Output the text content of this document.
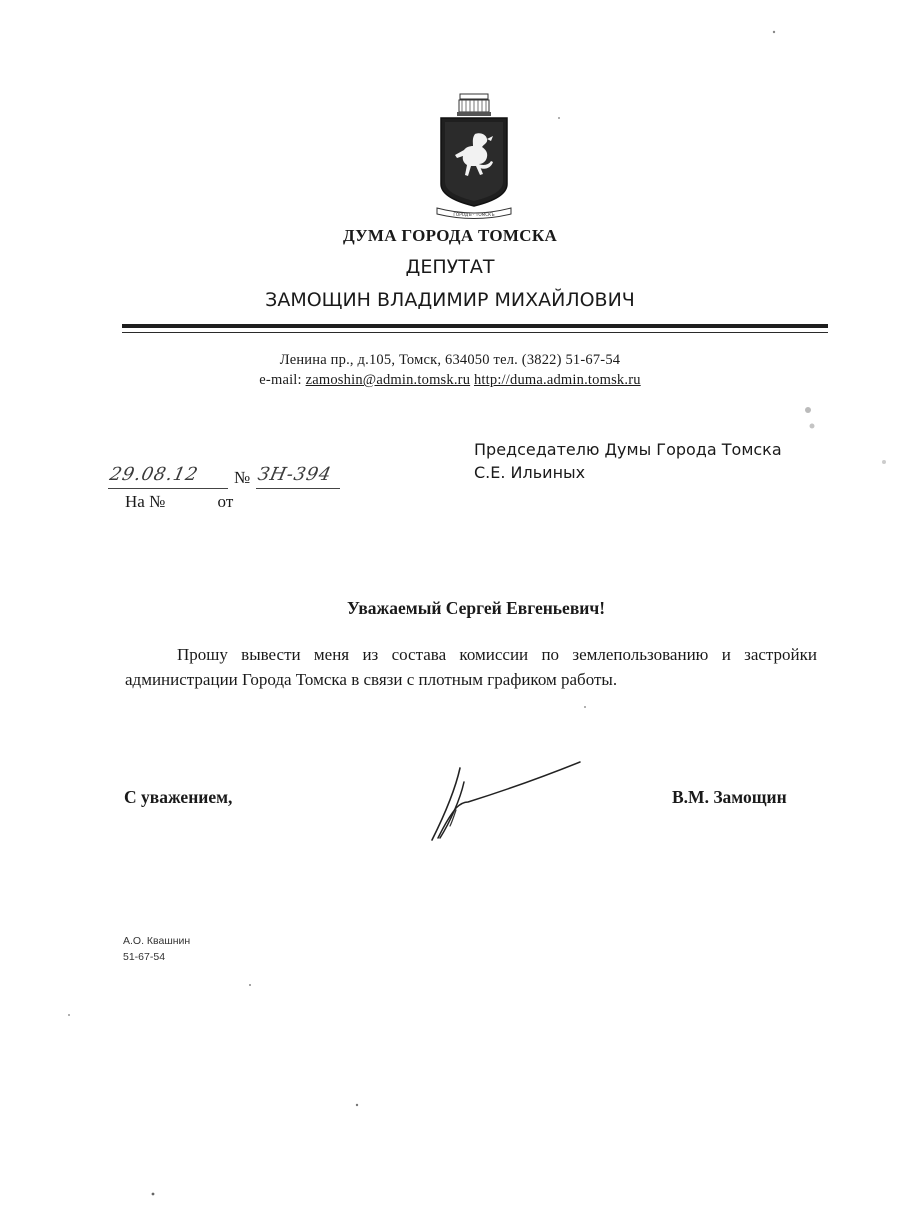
ГОРОДЪ · ТОМСКЪ
ДУМА ГОРОДА ТОМСКА
ДЕПУТАТ
ЗАМОЩИН ВЛАДИМИР МИХАЙЛОВИЧ
Ленина пр., д.105, Томск, 634050 тел. (3822) 51-67-54
e-mail: zamoshin@admin.tomsk.ru http://duma.admin.tomsk.ru
Председателю Думы Города Томска
С.Е. Ильиных
29.08.12 № ЗН-394
На №	от
Уважаемый Сергей Евгеньевич!
Прошу вывести меня из состава комиссии по землепользованию и застройки администрации Города Томска в связи с плотным графиком работы.
С уважением,	В.М. Замощин
А.О. Квашнин
51-67-54
